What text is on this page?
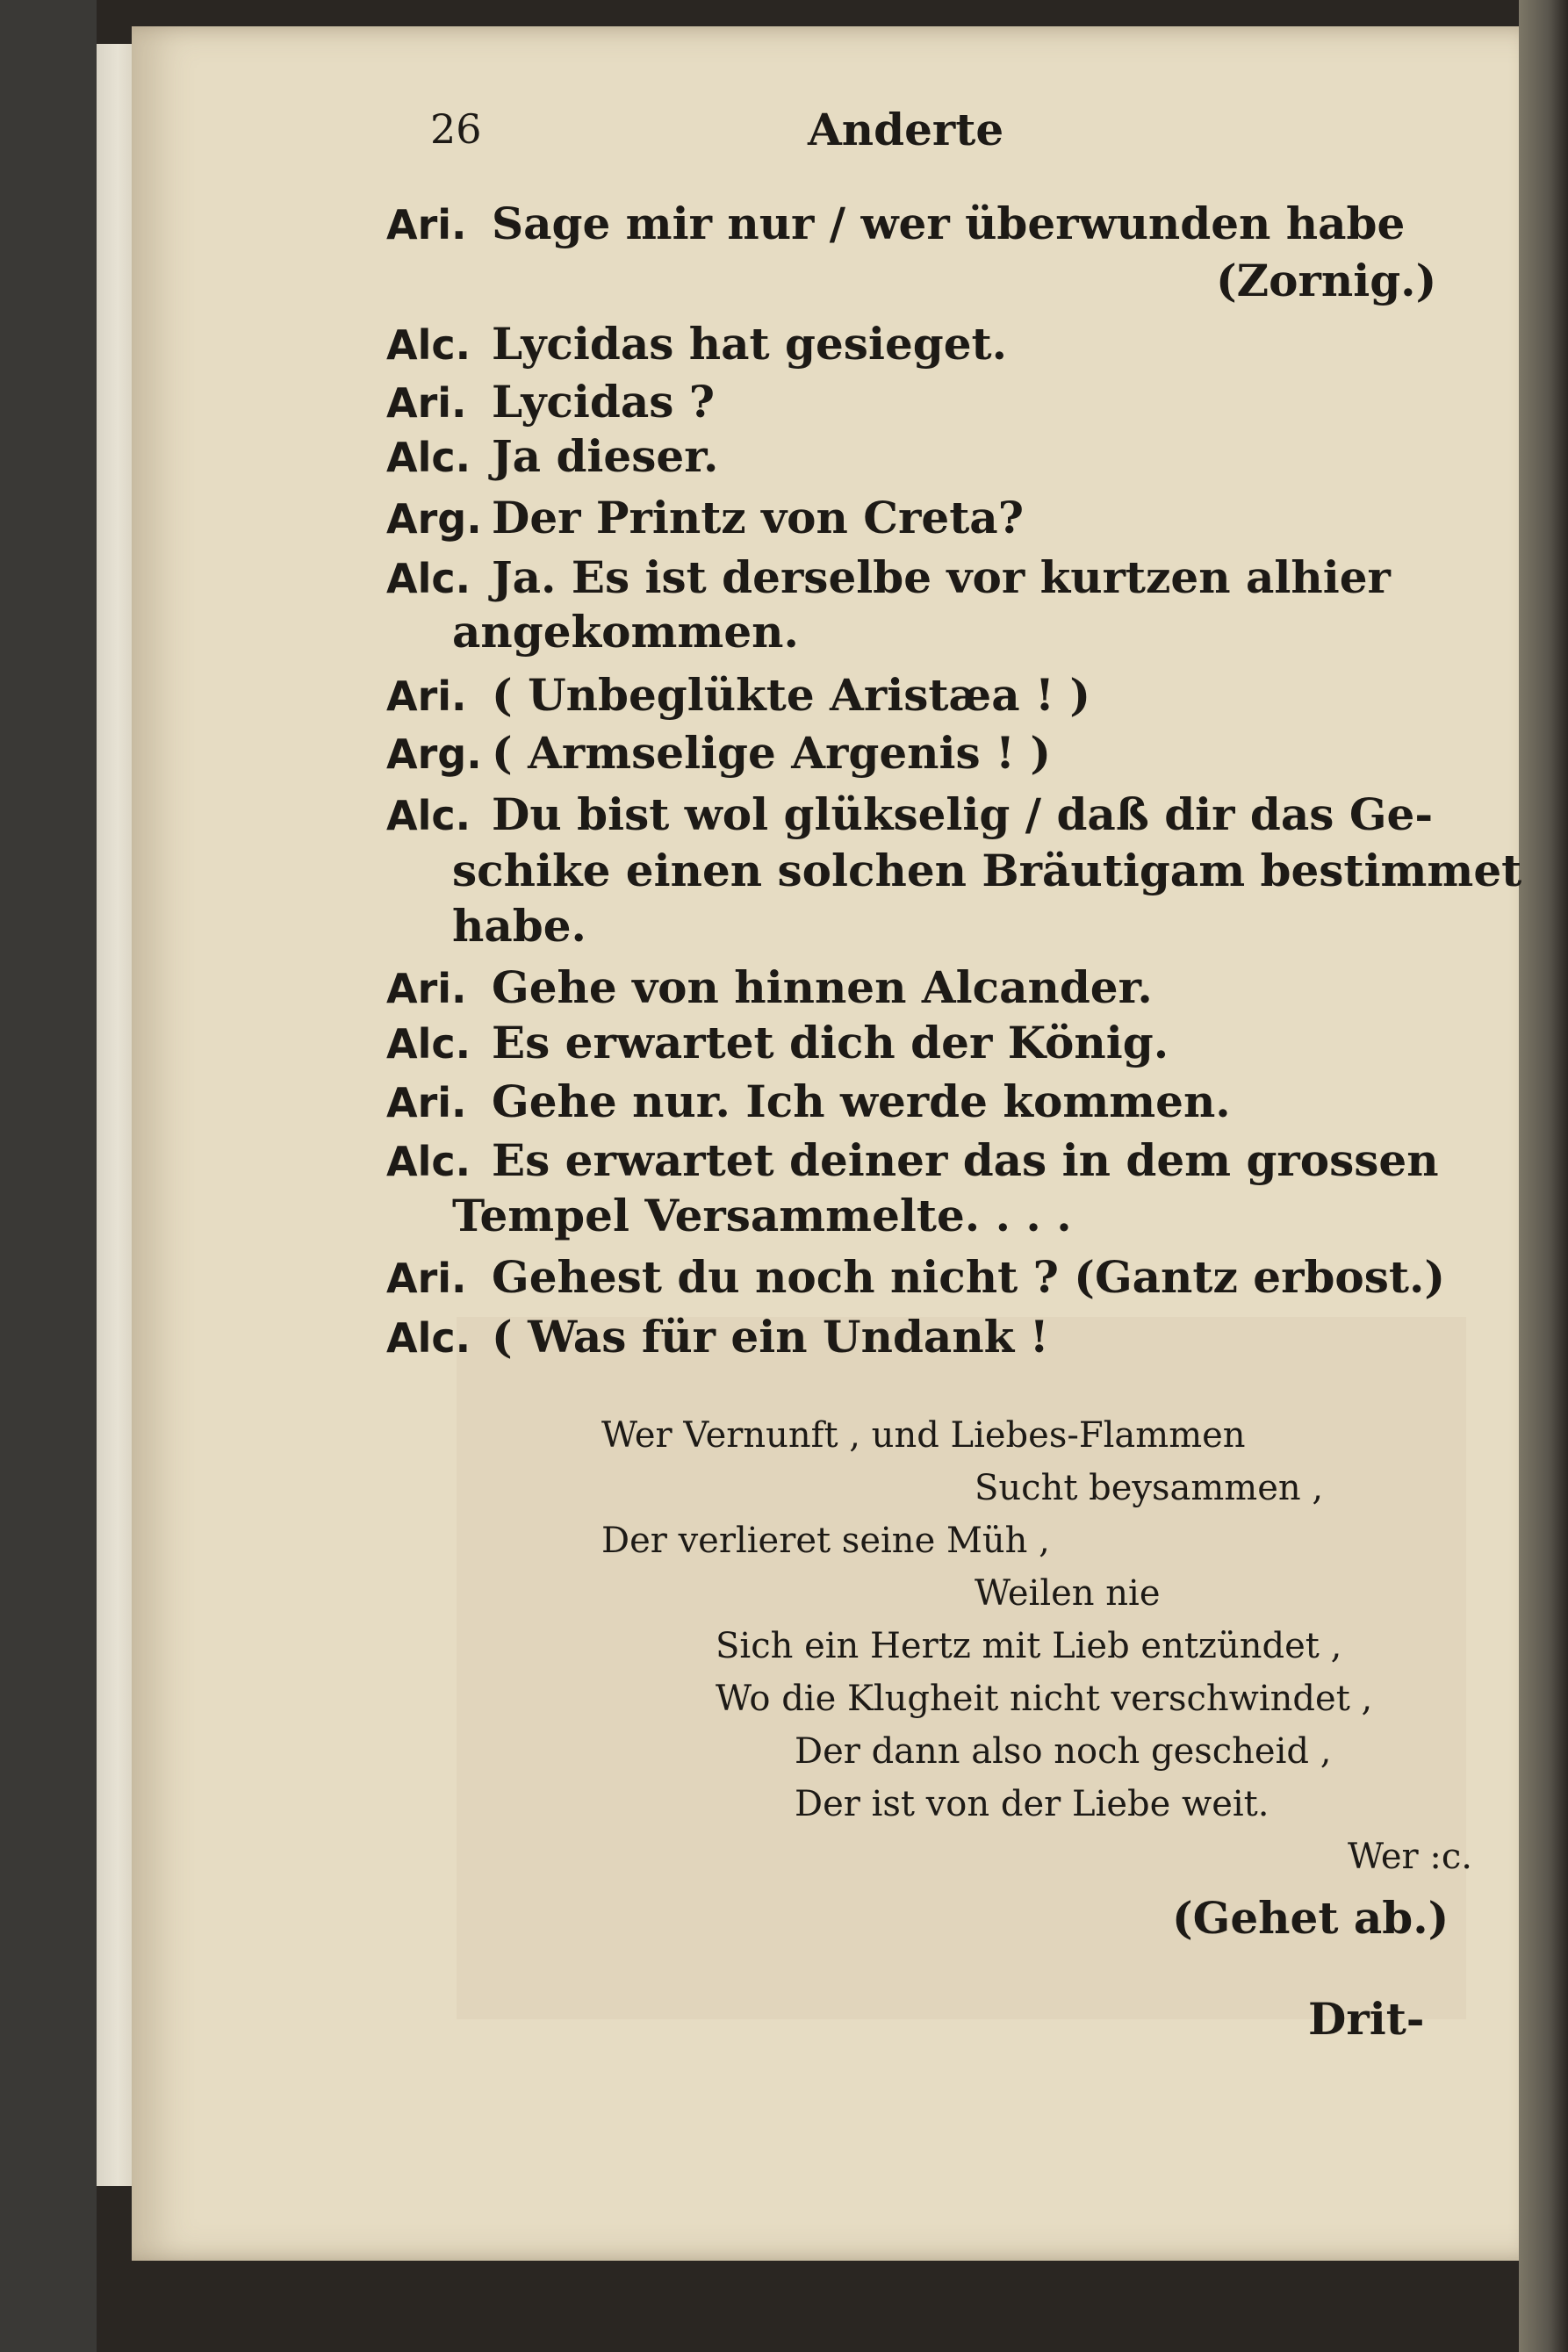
26	Anderte
Ari. Sage mir nur / wer überwunden habe
(Zornig.)
Alc. Lycidas hat gesieget.
Ari. Lycidas ?
Alc. Ja dieser.
Arg. Der Printz von Creta?
Alc. Ja. Es ist derselbe vor kurtzen alhier
angekommen.
Ari. ( Unbeglükte Aristæa ! )
Arg. ( Armselige Argenis ! )
Alc. Du bist wol glükselig / daß dir das Ge-
schike einen solchen Bräutigam bestimmet
habe.
Ari. Gehe von hinnen Alcander.
Alc. Es erwartet dich der König.
Ari. Gehe nur. Ich werde kommen.
Alc. Es erwartet deiner das in dem grossen
Tempel Versammelte. . . .
Ari. Gehest du noch nicht ? (Gantz erbost.)
Alc. ( Was für ein Undank !
Wer Vernunft , und Liebes-Flammen
Sucht beysammen ,
Der verlieret seine Müh ,
Weilen nie
Sich ein Hertz mit Lieb entzündet ,
Wo die Klugheit nicht verschwindet ,
Der dann also noch gescheid ,
Der ist von der Liebe weit.
Wer :c.
(Gehet ab.)
Drit-
